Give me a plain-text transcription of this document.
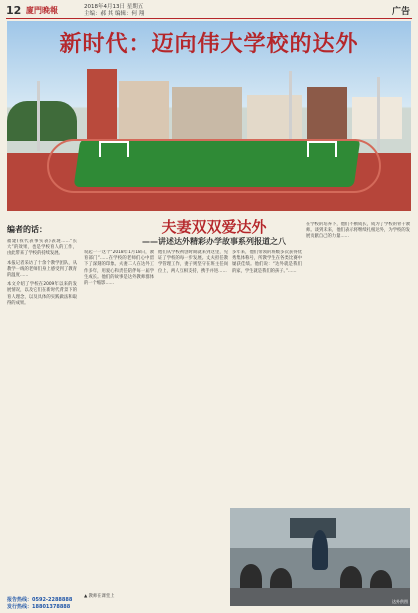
12 廈門晚報	2018年4月13日 星期五
主编：郝 其 编辑：何 翔	广告
新时代：迈向伟大学校的达外
编者的话：

福建(我代表事实表)表现……“长大”的效果，也是学校育人的工作，由此带来了学校的持续发展。

本报记者采访了十余个教学团队，从教学一线的老师们身上感受到了教育的温度……

本文介绍了学校在2009年以来的发展情况，以及它们在新时代背景下的育人理念，以及具体的实践做法和取得的成果。

夫妻双双爱达外
——讲述达外精彩办学故事系列报道之八
说起一一这个“2018年1月18日，教育部门”……在学校的老师们心中留下了深刻的印象。夫妻二人在达外工作多年，用爱心和责任陪伴每一届学生成长。他们的故事是达外教师群体的一个缩影……
他们从学校初创时期就来到这里，见证了学校的每一步发展。丈夫担任教学管理工作，妻子则坚守在班主任岗位上，两人互相支持，携手并进……
多年来，他们带领的班级多次获得优秀集体称号，所教学生在各类比赛中屡获佳绩。他们说：“达外就是我们的家，学生就是我们的孩子。”……
在学校的培养下，他们不断成长，成为了学校的骨干教师。谈到未来，他们表示将继续扎根达外，为学校的发展贡献自己的力量……
达外供图
▲ 教师在课堂上
报告热线：0592-2288888
发行热线：18801378888
